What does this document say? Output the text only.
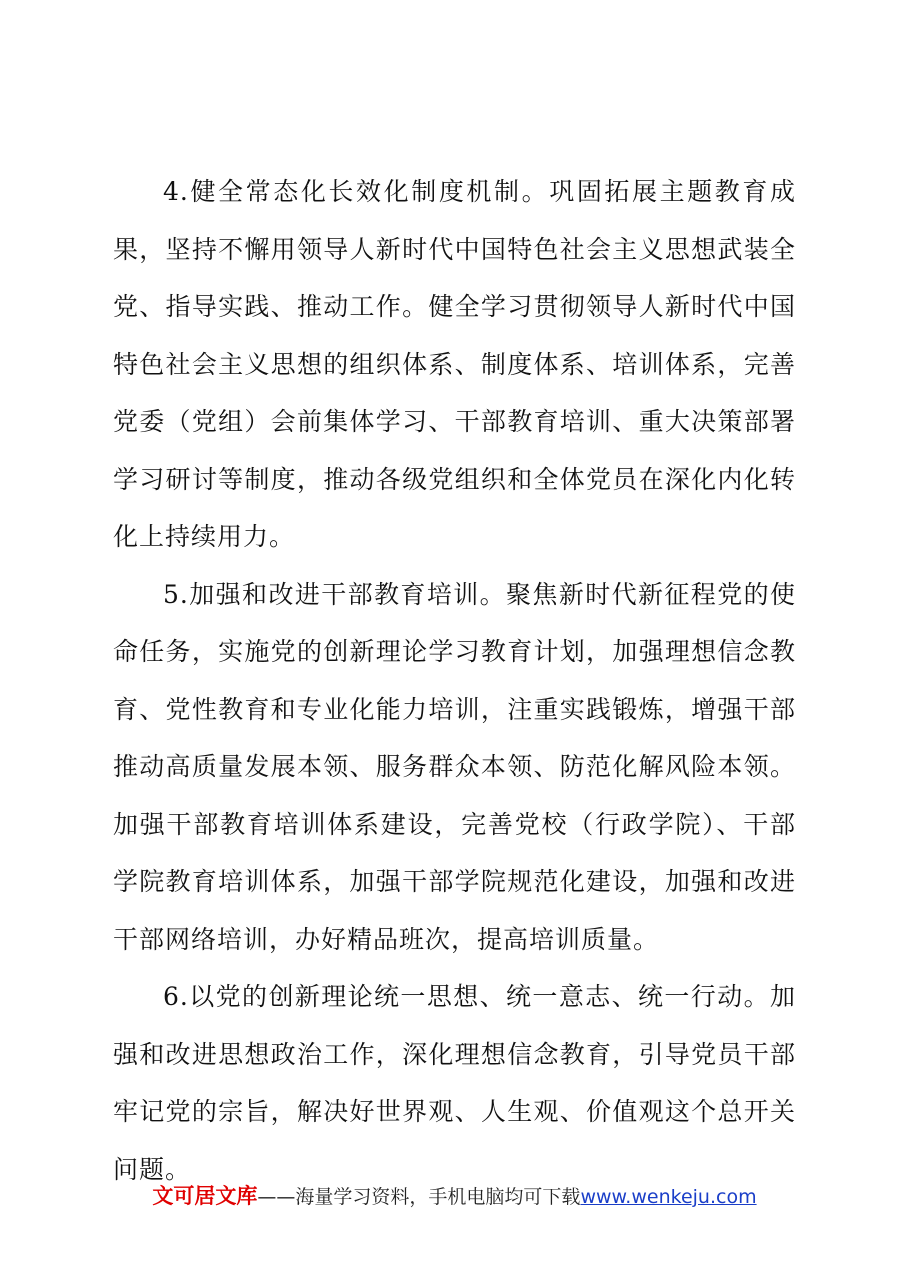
4.健全常态化长效化制度机制。巩固拓展主题教育成果，坚持不懈用领导人新时代中国特色社会主义思想武装全党、指导实践、推动工作。健全学习贯彻领导人新时代中国特色社会主义思想的组织体系、制度体系、培训体系，完善党委（党组）会前集体学习、干部教育培训、重大决策部署学习研讨等制度，推动各级党组织和全体党员在深化内化转化上持续用力。

5.加强和改进干部教育培训。聚焦新时代新征程党的使命任务，实施党的创新理论学习教育计划，加强理想信念教育、党性教育和专业化能力培训，注重实践锻炼，增强干部推动高质量发展本领、服务群众本领、防范化解风险本领。加强干部教育培训体系建设，完善党校（行政学院）、干部学院教育培训体系，加强干部学院规范化建设，加强和改进干部网络培训，办好精品班次，提高培训质量。

6.以党的创新理论统一思想、统一意志、统一行动。加强和改进思想政治工作，深化理想信念教育，引导党员干部牢记党的宗旨，解决好世界观、人生观、价值观这个总开关问题。

文可居文库——海量学习资料，手机电脑均可下载www.wenkeju.com
